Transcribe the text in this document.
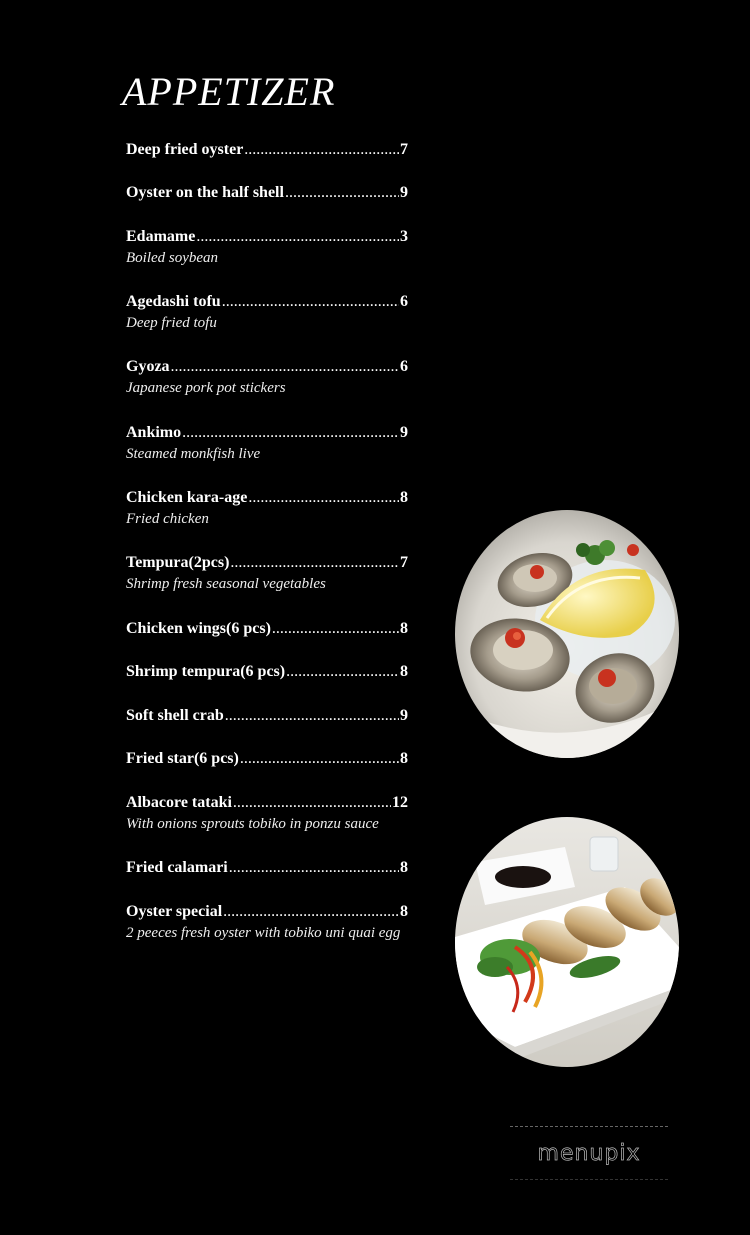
APPETIZER
Deep fried oyster .....	7
Oyster on the half shell .....	9
Edamame .....	3
Boiled soybean
Agedashi tofu .....	6
Deep fried tofu
Gyoza .....	6
Japanese pork pot stickers
Ankimo .....	9
Steamed monkfish live
Chicken kara-age .....	8
Fried chicken
Tempura(2pcs) .....	7
Shrimp fresh seasonal vegetables
Chicken wings(6 pcs) .....	8
Shrimp tempura(6 pcs) .....	8
Soft shell crab .....	9
Fried star(6 pcs) .....	8
Albacore tataki .....	12
With onions sprouts tobiko in ponzu sauce
Fried calamari .....	8
Oyster special .....	8
2 peeces fresh oyster with tobiko uni quai egg
menupix
